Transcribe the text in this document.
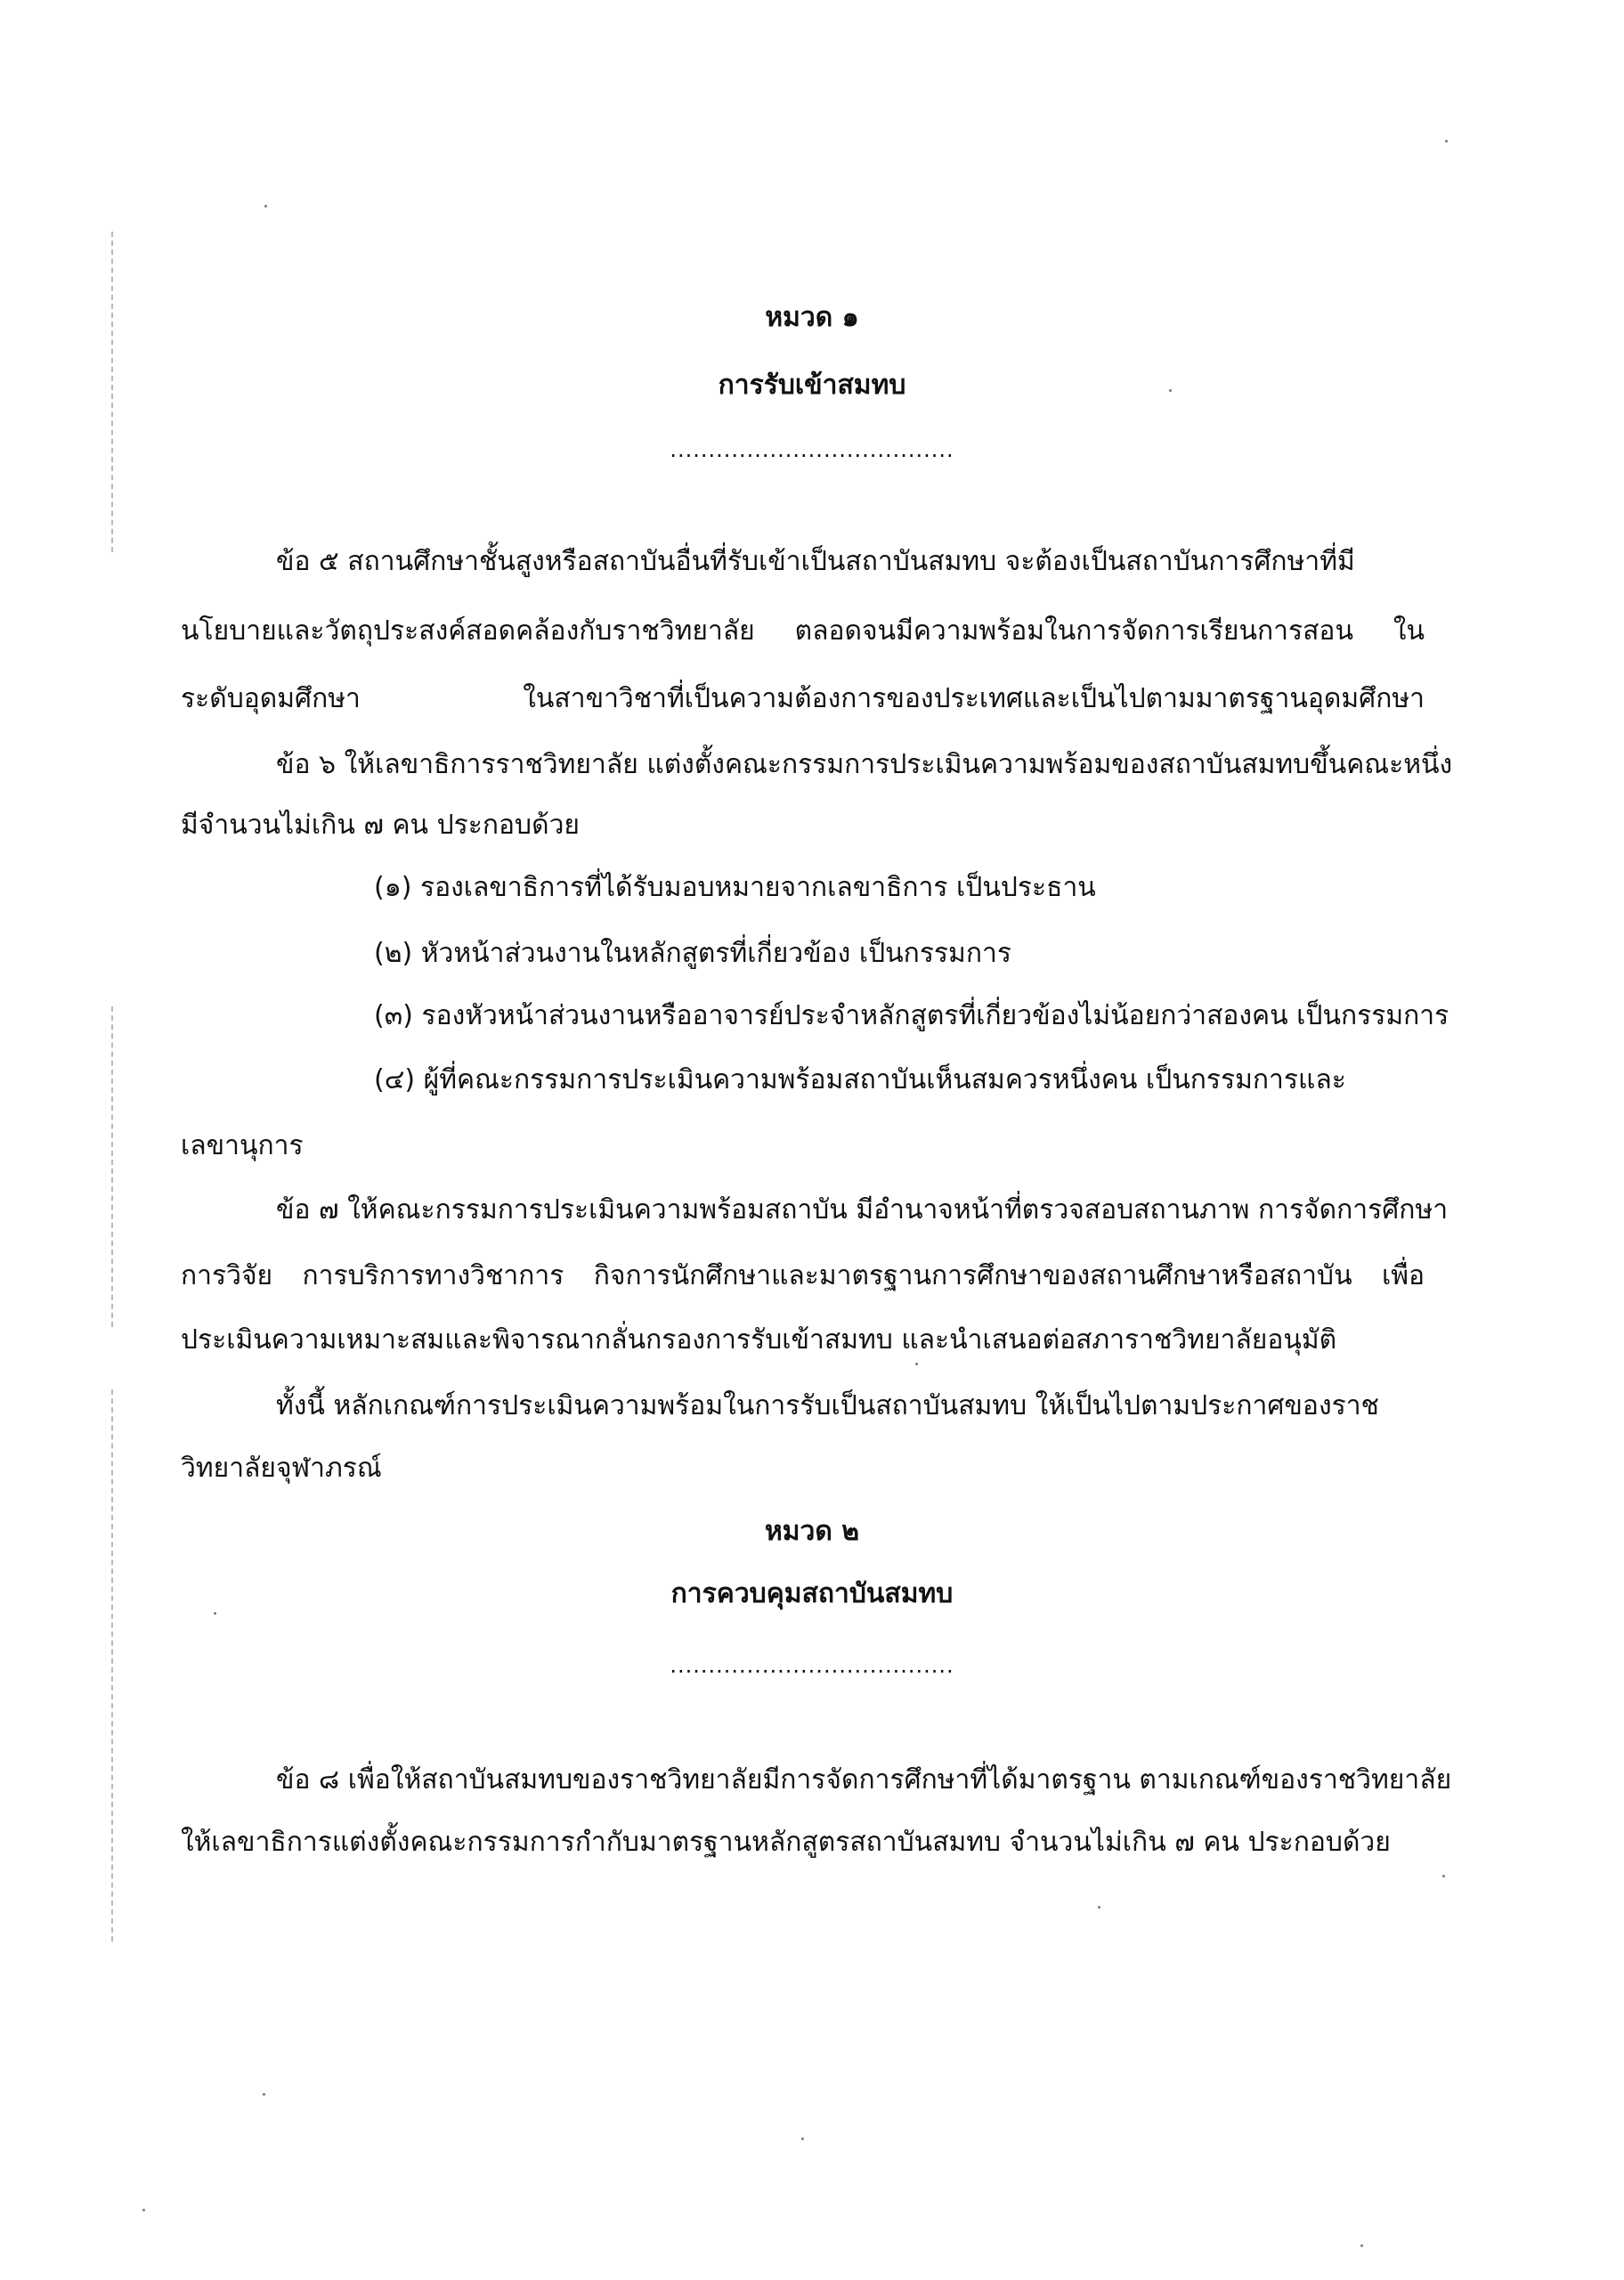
หมวด ๑
การรับเข้าสมทบ
.....................................
ข้อ ๕ สถานศึกษาชั้นสูงหรือสถาบันอื่นที่รับเข้าเป็นสถาบันสมทบ จะต้องเป็นสถาบันการศึกษาที่มี
นโยบายและวัตถุประสงค์สอดคล้องกับราชวิทยาลัย ตลอดจนมีความพร้อมในการจัดการเรียนการสอน ใน
ระดับอุดมศึกษา ในสาขาวิชาที่เป็นความต้องการของประเทศและเป็นไปตามมาตรฐานอุดมศึกษา
ข้อ ๖ ให้เลขาธิการราชวิทยาลัย แต่งตั้งคณะกรรมการประเมินความพร้อมของสถาบันสมทบขึ้นคณะหนึ่ง
มีจำนวนไม่เกิน ๗ คน ประกอบด้วย
(๑) รองเลขาธิการที่ได้รับมอบหมายจากเลขาธิการ เป็นประธาน
(๒) หัวหน้าส่วนงานในหลักสูตรที่เกี่ยวข้อง เป็นกรรมการ
(๓) รองหัวหน้าส่วนงานหรืออาจารย์ประจำหลักสูตรที่เกี่ยวข้องไม่น้อยกว่าสองคน เป็นกรรมการ
(๔) ผู้ที่คณะกรรมการประเมินความพร้อมสถาบันเห็นสมควรหนึ่งคน เป็นกรรมการและ
เลขานุการ
ข้อ ๗ ให้คณะกรรมการประเมินความพร้อมสถาบัน มีอำนาจหน้าที่ตรวจสอบสถานภาพ การจัดการศึกษา
การวิจัย การบริการทางวิชาการ กิจการนักศึกษาและมาตรฐานการศึกษาของสถานศึกษาหรือสถาบัน เพื่อ
ประเมินความเหมาะสมและพิจารณากลั่นกรองการรับเข้าสมทบ และนำเสนอต่อสภาราชวิทยาลัยอนุมัติ
ทั้งนี้ หลักเกณฑ์การประเมินความพร้อมในการรับเป็นสถาบันสมทบ ให้เป็นไปตามประกาศของราช
วิทยาลัยจุฬาภรณ์
หมวด ๒
การควบคุมสถาบันสมทบ
.....................................
ข้อ ๘ เพื่อให้สถาบันสมทบของราชวิทยาลัยมีการจัดการศึกษาที่ได้มาตรฐาน ตามเกณฑ์ของราชวิทยาลัย
ให้เลขาธิการแต่งตั้งคณะกรรมการกำกับมาตรฐานหลักสูตรสถาบันสมทบ จำนวนไม่เกิน ๗ คน ประกอบด้วย
